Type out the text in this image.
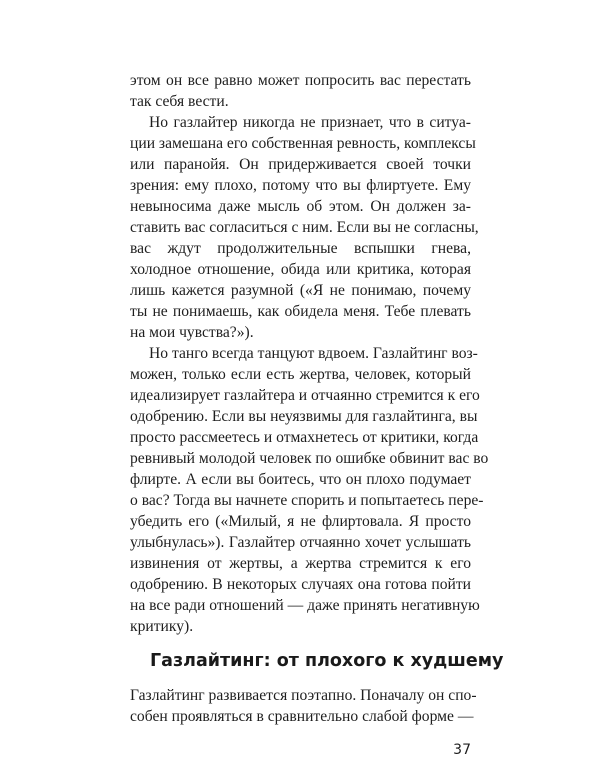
этом он все равно может попросить вас перестать
так себя вести.
Но газлайтер никогда не признает, что в ситуа-
ции замешана его собственная ревность, комплексы
или паранойя. Он придерживается своей точки
зрения: ему плохо, потому что вы флиртуете. Ему
невыносима даже мысль об этом. Он должен за-
ставить вас согласиться с ним. Если вы не согласны,
вас ждут продолжительные вспышки гнева,
холодное отношение, обида или критика, которая
лишь кажется разумной («Я не понимаю, почему
ты не понимаешь, как обидела меня. Тебе плевать
на мои чувства?»).
Но танго всегда танцуют вдвоем. Газлайтинг воз-
можен, только если есть жертва, человек, который
идеализирует газлайтера и отчаянно стремится к его
одобрению. Если вы неуязвимы для газлайтинга, вы
просто рассмеетесь и отмахнетесь от критики, когда
ревнивый молодой человек по ошибке обвинит вас во
флирте. А если вы боитесь, что он плохо подумает
о вас? Тогда вы начнете спорить и попытаетесь пере-
убедить его («Милый, я не флиртовала. Я просто
улыбнулась»). Газлайтер отчаянно хочет услышать
извинения от жертвы, а жертва стремится к его
одобрению. В некоторых случаях она готова пойти
на все ради отношений — даже принять негативную
критику).
Газлайтинг: от плохого к худшему
Газлайтинг развивается поэтапно. Поначалу он спо-
собен проявляться в сравнительно слабой форме —
37
